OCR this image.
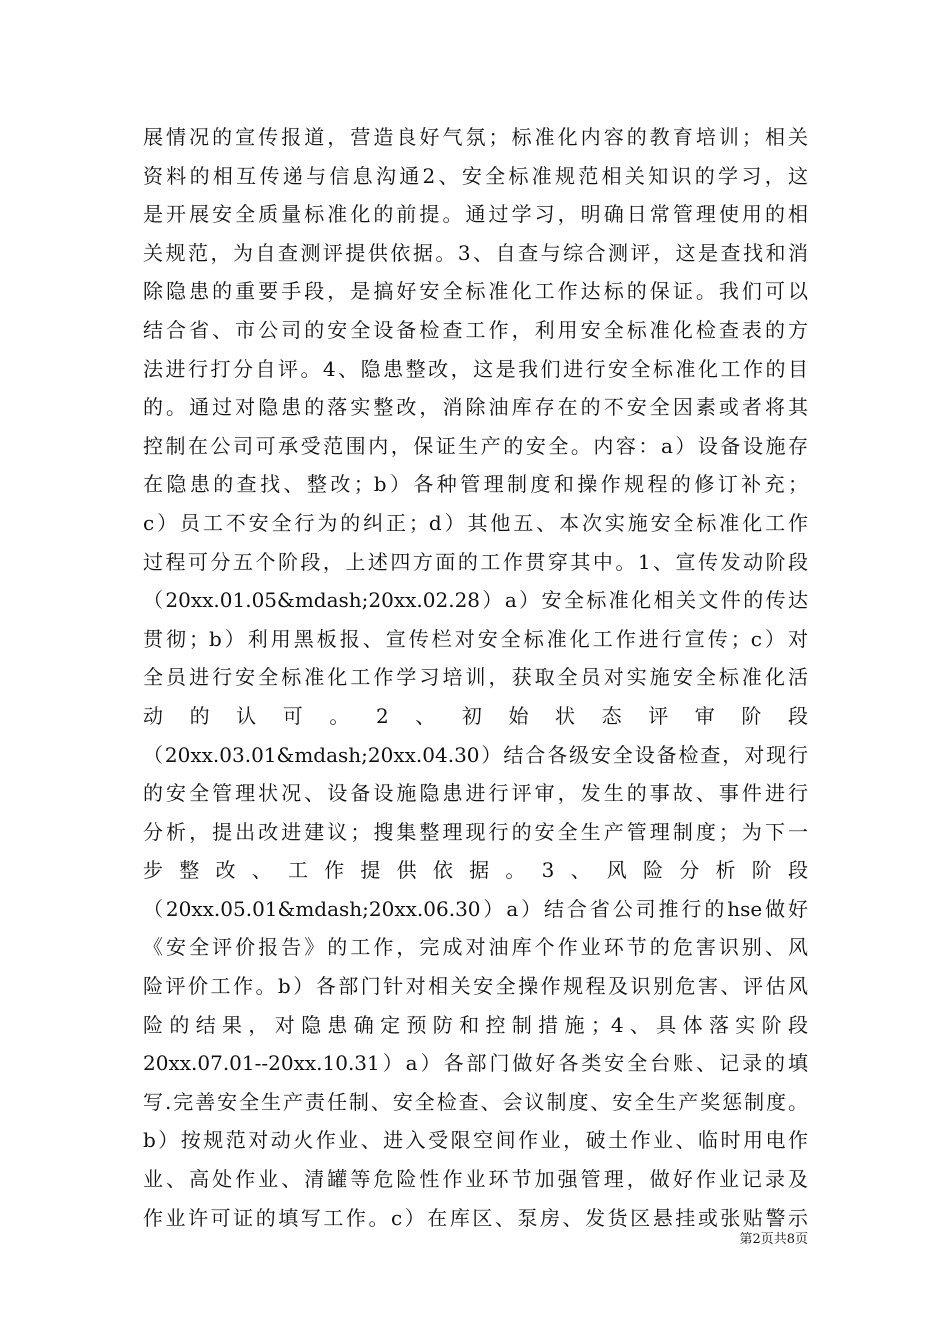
展情况的宣传报道，营造良好气氛；标准化内容的教育培训；相关
资料的相互传递与信息沟通2、安全标准规范相关知识的学习，这
是开展安全质量标准化的前提。通过学习，明确日常管理使用的相
关规范，为自查测评提供依据。3、自查与综合测评，这是查找和消
除隐患的重要手段，是搞好安全标准化工作达标的保证。我们可以
结合省、市公司的安全设备检查工作，利用安全标准化检查表的方
法进行打分自评。4、隐患整改，这是我们进行安全标准化工作的目
的。通过对隐患的落实整改，消除油库存在的不安全因素或者将其
控制在公司可承受范围内，保证生产的安全。内容：a）设备设施存
在隐患的查找、整改；b）各种管理制度和操作规程的修订补充；
c）员工不安全行为的纠正；d）其他五、本次实施安全标准化工作
过程可分五个阶段，上述四方面的工作贯穿其中。1、宣传发动阶段
（20xx.01.05&mdash;20xx.02.28）a）安全标准化相关文件的传达
贯彻；b）利用黑板报、宣传栏对安全标准化工作进行宣传；c）对
全员进行安全标准化工作学习培训，获取全员对实施安全标准化活
动的认可。2、初始状态评审阶段
（20xx.03.01&mdash;20xx.04.30）结合各级安全设备检查，对现行
的安全管理状况、设备设施隐患进行评审，发生的事故、事件进行
分析，提出改进建议；搜集整理现行的安全生产管理制度；为下一
步整改、工作提供依据。3、风险分析阶段
（20xx.05.01&mdash;20xx.06.30）a）结合省公司推行的hse做好
《安全评价报告》的工作，完成对油库个作业环节的危害识别、风
险评价工作。b）各部门针对相关安全操作规程及识别危害、评估风
险的结果，对隐患确定预防和控制措施；4、具体落实阶段
20xx.07.01--20xx.10.31）a）各部门做好各类安全台账、记录的填
写.完善安全生产责任制、安全检查、会议制度、安全生产奖惩制度。
b）按规范对动火作业、进入受限空间作业，破土作业、临时用电作
业、高处作业、清罐等危险性作业环节加强管理，做好作业记录及
作业许可证的填写工作。c）在库区、泵房、发货区悬挂或张贴警示
第2页共8页
